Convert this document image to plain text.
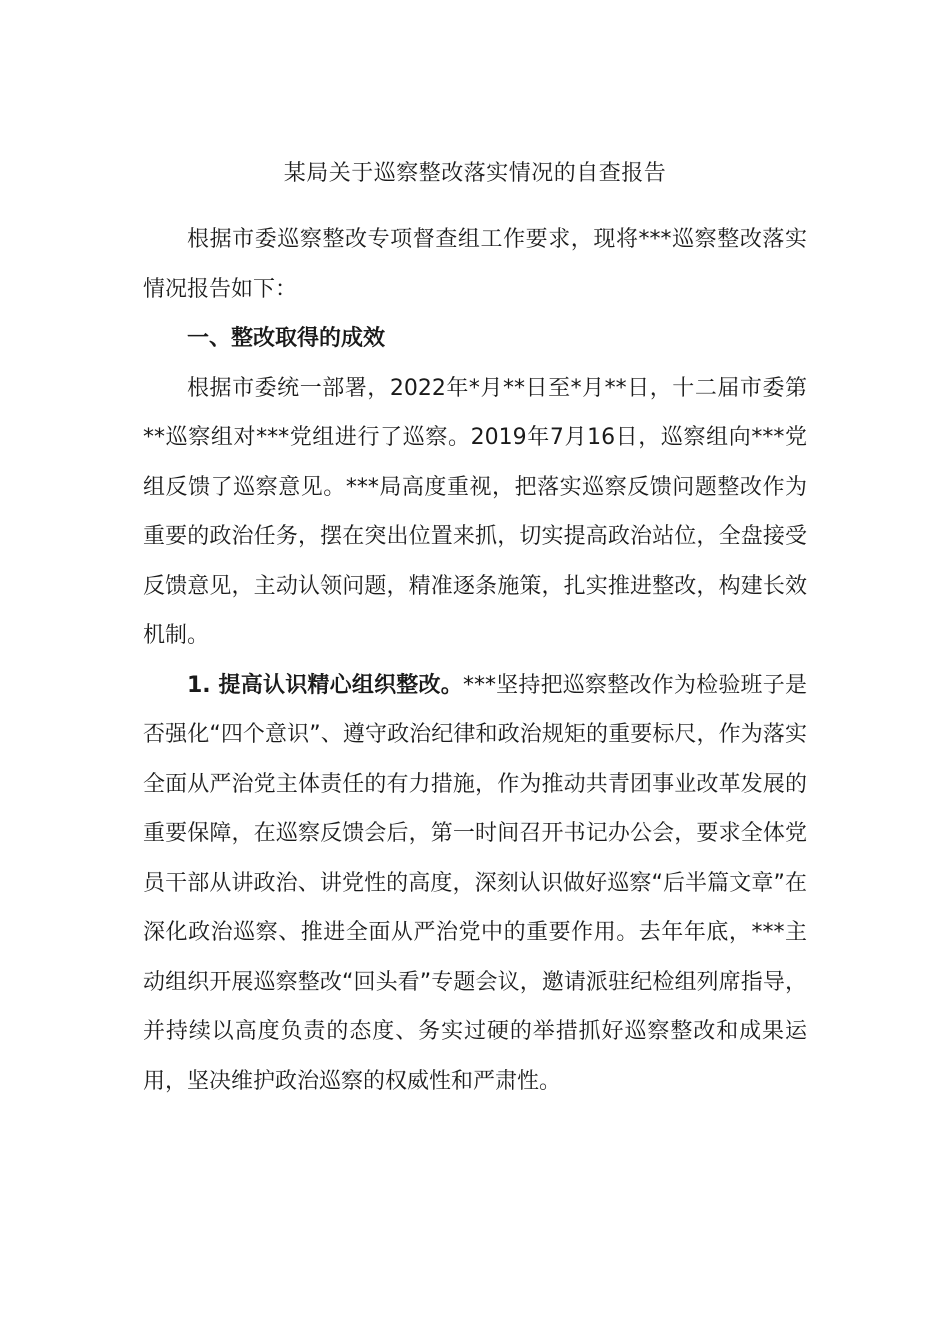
某局关于巡察整改落实情况的自查报告

根据市委巡察整改专项督查组工作要求，现将***巡察整改落实情况报告如下：

一、整改取得的成效

根据市委统一部署，2022年*月**日至*月**日，十二届市委第**巡察组对***党组进行了巡察。2019年7月16日，巡察组向***党组反馈了巡察意见。***局高度重视，把落实巡察反馈问题整改作为重要的政治任务，摆在突出位置来抓，切实提高政治站位，全盘接受反馈意见，主动认领问题，精准逐条施策，扎实推进整改，构建长效机制。

1. 提高认识精心组织整改。***坚持把巡察整改作为检验班子是否强化“四个意识”、遵守政治纪律和政治规矩的重要标尺，作为落实全面从严治党主体责任的有力措施，作为推动共青团事业改革发展的重要保障，在巡察反馈会后，第一时间召开书记办公会，要求全体党员干部从讲政治、讲党性的高度，深刻认识做好巡察“后半篇文章”在深化政治巡察、推进全面从严治党中的重要作用。去年年底，***主动组织开展巡察整改“回头看”专题会议，邀请派驻纪检组列席指导，并持续以高度负责的态度、务实过硬的举措抓好巡察整改和成果运用，坚决维护政治巡察的权威性和严肃性。
